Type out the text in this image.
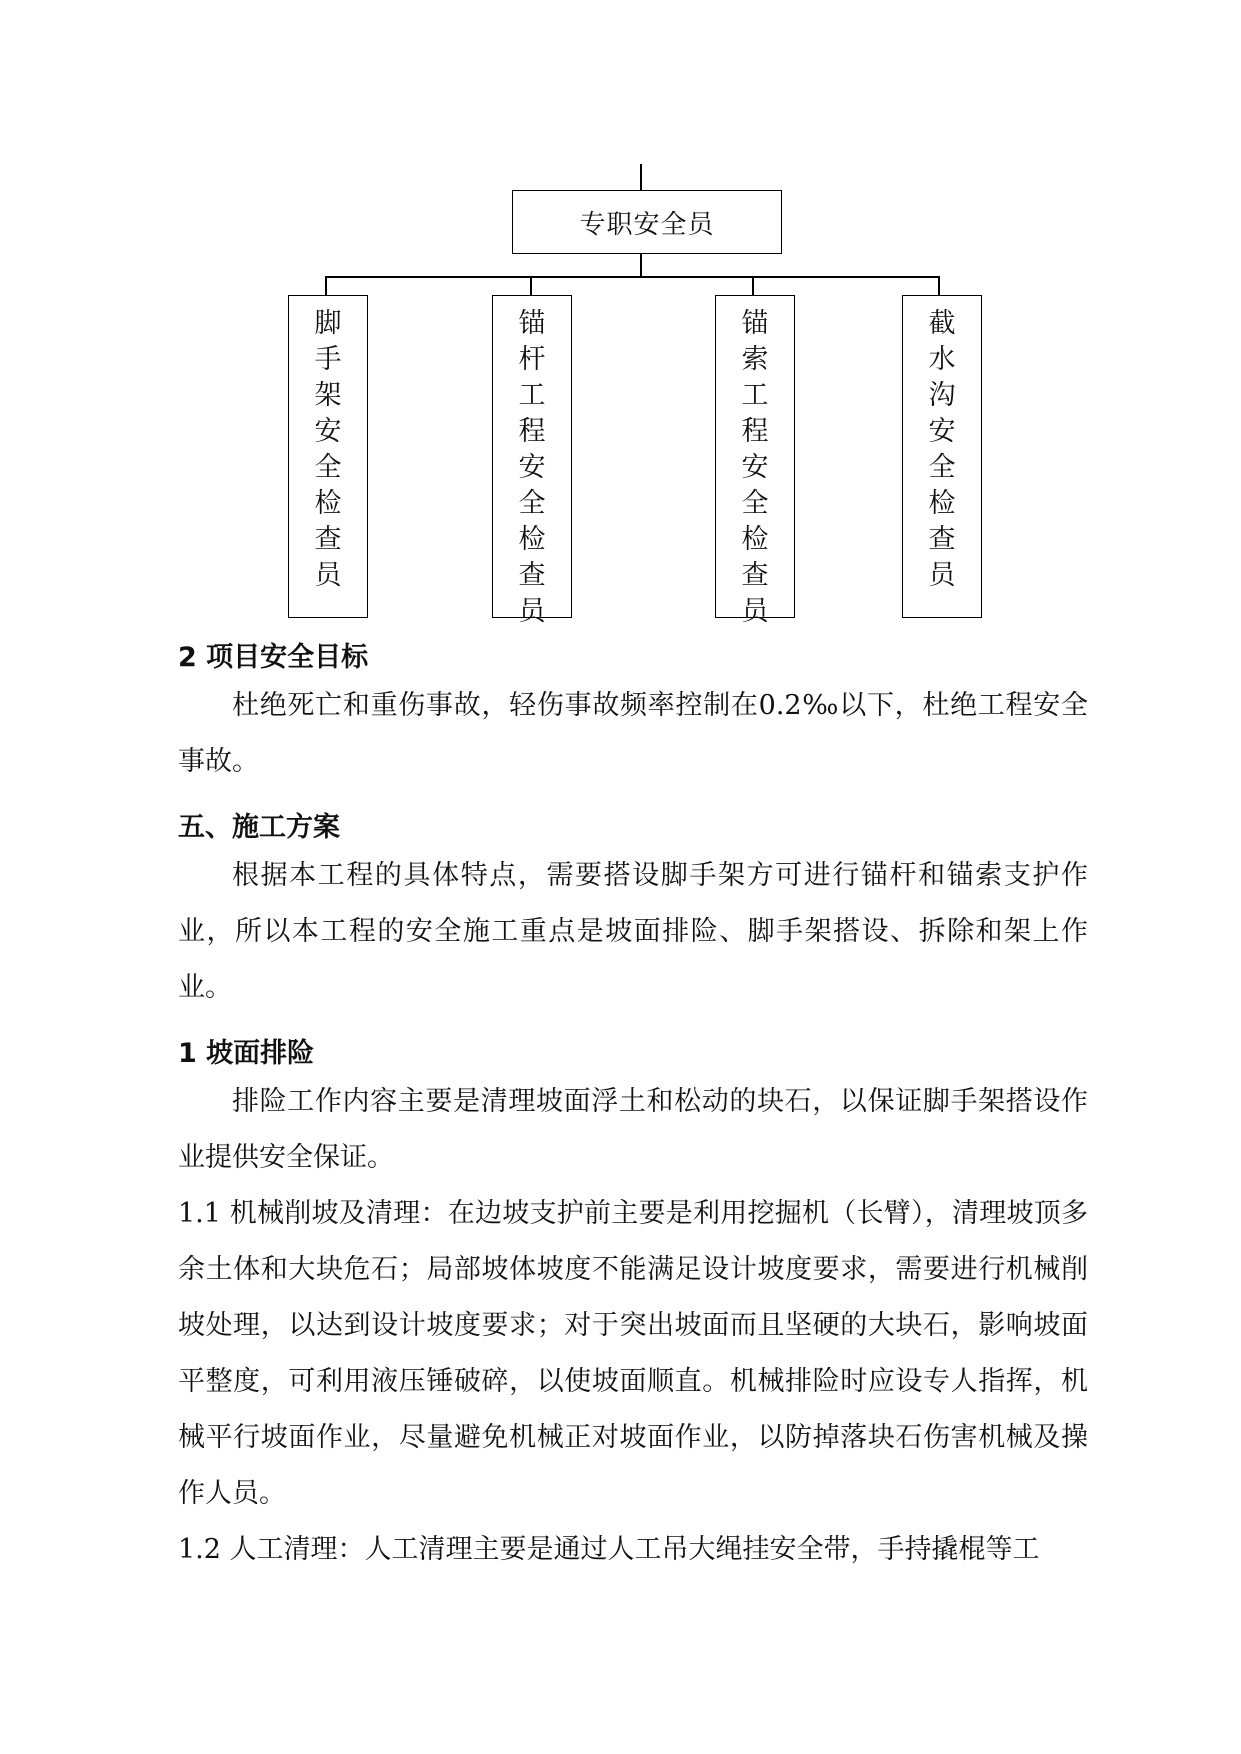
专职安全员
脚
手
架
安
全
检
查
员
锚
杆
工
程
安
全
检
查
员
锚
索
工
程
安
全
检
查
员
截
水
沟
安
全
检
查
员
2 项目安全目标

杜绝死亡和重伤事故，轻伤事故频率控制在0.2‰以下，杜绝工程安全事故。

五、施工方案

根据本工程的具体特点，需要搭设脚手架方可进行锚杆和锚索支护作业，所以本工程的安全施工重点是坡面排险、脚手架搭设、拆除和架上作业。

1 坡面排险

排险工作内容主要是清理坡面浮土和松动的块石，以保证脚手架搭设作业提供安全保证。

1.1 机械削坡及清理：在边坡支护前主要是利用挖掘机（长臂），清理坡顶多余土体和大块危石；局部坡体坡度不能满足设计坡度要求，需要进行机械削坡处理，以达到设计坡度要求；对于突出坡面而且坚硬的大块石，影响坡面平整度，可利用液压锤破碎，以使坡面顺直。机械排险时应设专人指挥，机械平行坡面作业，尽量避免机械正对坡面作业，以防掉落块石伤害机械及操作人员。

1.2 人工清理：人工清理主要是通过人工吊大绳挂安全带，手持撬棍等工
